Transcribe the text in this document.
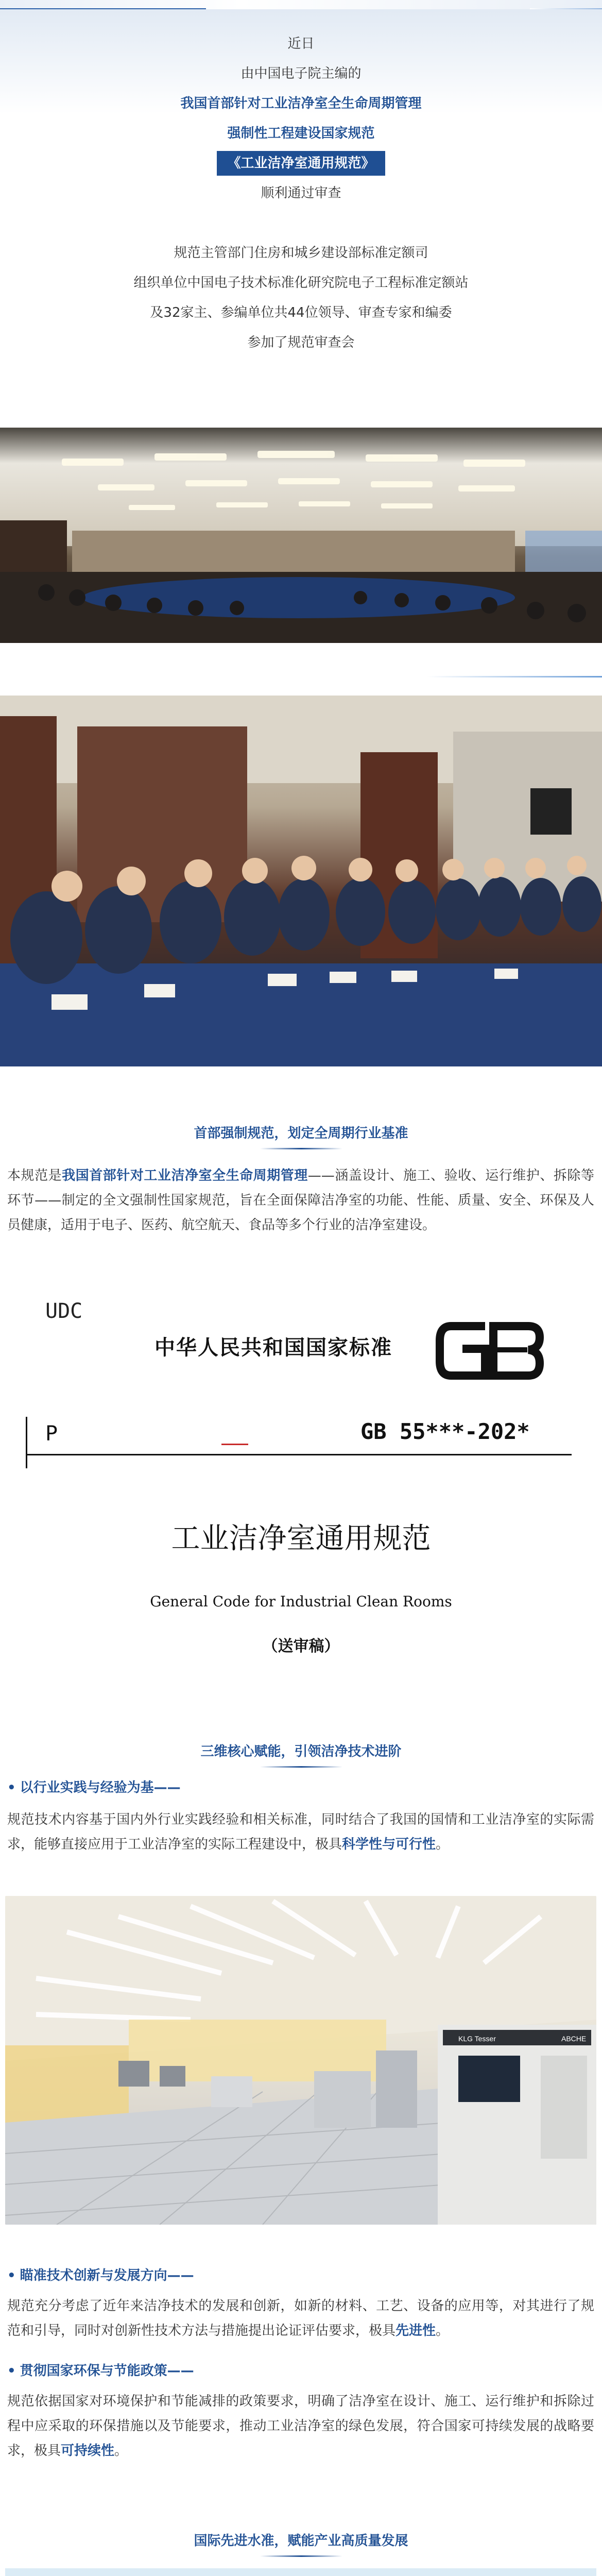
近日

由中国电子院主编的

我国首部针对工业洁净室全生命周期管理

强制性工程建设国家规范

《工业洁净室通用规范》

顺利通过审查

规范主管部门住房和城乡建设部标准定额司

组织单位中国电子技术标准化研究院电子工程标准定额站

及32家主、参编单位共44位领导、审查专家和编委

参加了规范审查会

首部强制规范，划定全周期行业基准

本规范是我国首部针对工业洁净室全生命周期管理——涵盖设计、施工、验收、运行维护、拆除等环节——制定的全文强制性国家规范，旨在全面保障洁净室的功能、性能、质量、安全、环保及人员健康，适用于电子、医药、航空航天、食品等多个行业的洁净室建设。

UDC
中华人民共和国国家标准
P	GB 55***-202*
工业洁净室通用规范
General Code for Industrial Clean Rooms
（送审稿）
三维核心赋能，引领洁净技术进阶
• 以行业实践与经验为基——

规范技术内容基于国内外行业实践经验和相关标准，同时结合了我国的国情和工业洁净室的实际需求，能够直接应用于工业洁净室的实际工程建设中，极具科学性与可行性。

KLG Tesser	ABCHE
• 瞄准技术创新与发展方向——

规范充分考虑了近年来洁净技术的发展和创新，如新的材料、工艺、设备的应用等，对其进行了规范和引导，同时对创新性技术方法与措施提出论证评估要求，极具先进性。

• 贯彻国家环保与节能政策——

规范依据国家对环境保护和节能减排的政策要求，明确了洁净室在设计、施工、运行维护和拆除过程中应采取的环保措施以及节能要求，推动工业洁净室的绿色发展，符合国家可持续发展的战略要求，极具可持续性。

国际先进水准，赋能产业高质量发展
